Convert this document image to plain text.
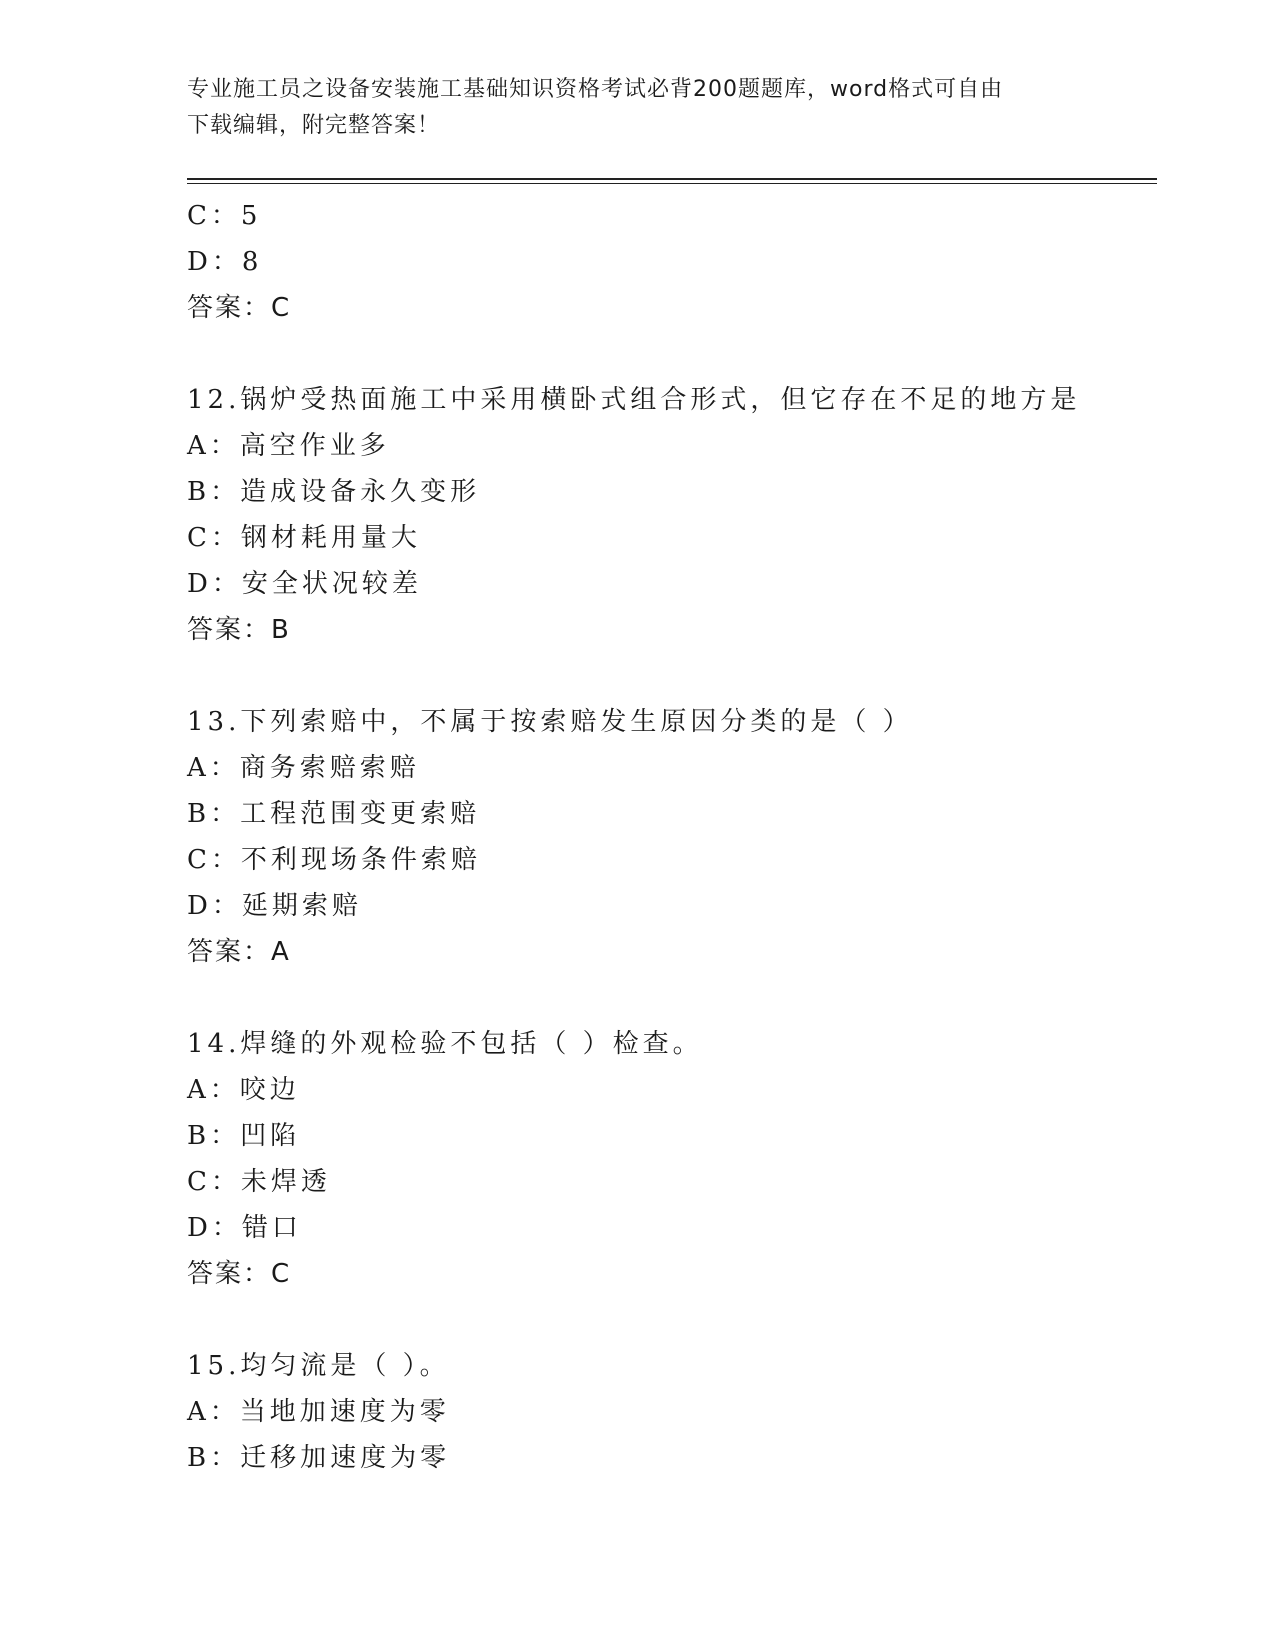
专业施工员之设备安装施工基础知识资格考试必背200题题库，word格式可自由
下载编辑，附完整答案！
C：5
D：8
答案：C
12.锅炉受热面施工中采用横卧式组合形式，但它存在不足的地方是
A：高空作业多
B：造成设备永久变形
C：钢材耗用量大
D：安全状况较差
答案：B
13.下列索赔中，不属于按索赔发生原因分类的是（ ）
A：商务索赔索赔
B：工程范围变更索赔
C：不利现场条件索赔
D：延期索赔
答案：A
14.焊缝的外观检验不包括（ ）检查。
A：咬边
B：凹陷
C：未焊透
D：错口
答案：C
15.均匀流是（ ）。
A：当地加速度为零
B：迁移加速度为零
